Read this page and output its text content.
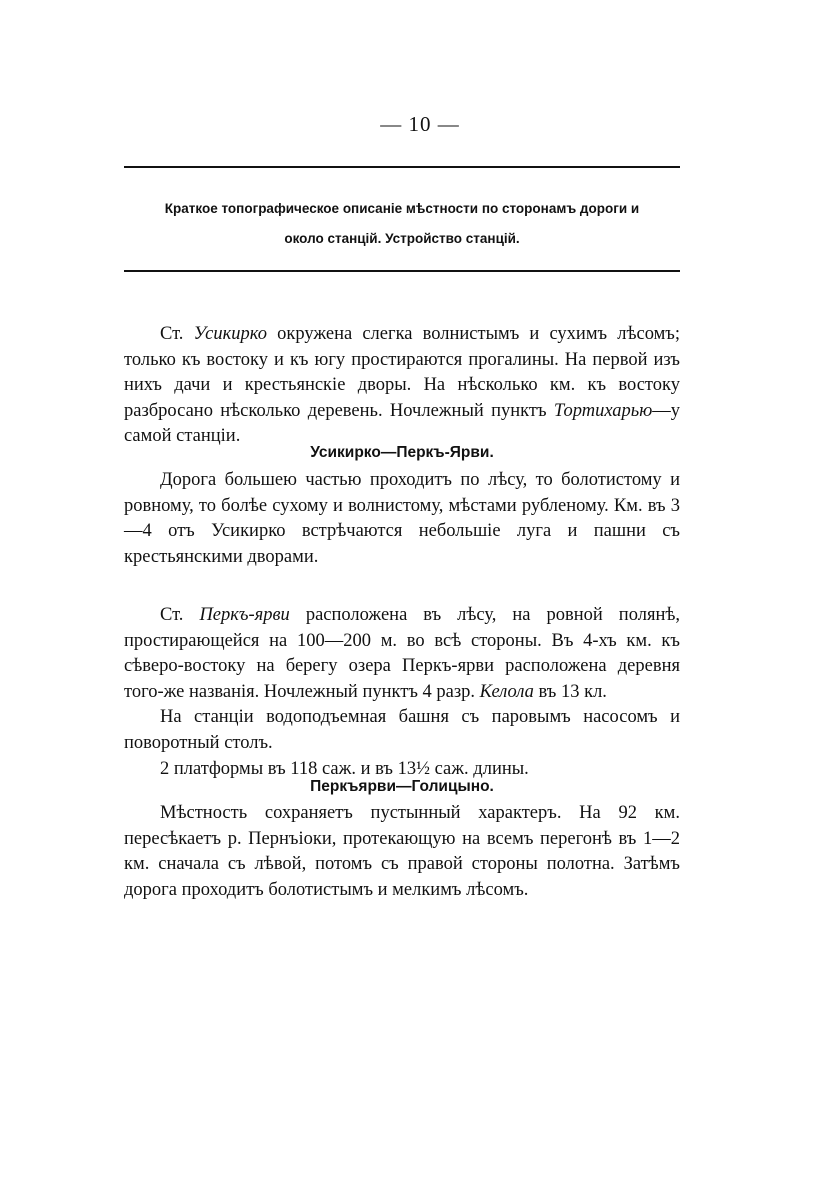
— 10 —
Краткое топографическое описаніе мѣстности по сторонамъ дороги и
около станцій. Устройство станцій.

Ст. Усикирко окружена слегка волнистымъ и сухимъ лѣсомъ; только къ востоку и къ югу простираются прогалины. На первой изъ нихъ дачи и крестьянскіе дворы. На нѣсколько км. къ востоку разбросано нѣсколько деревень. Ночлежный пунктъ Тортихарью—у самой станціи.

Усикирко—Перкъ-Ярви.

Дорога большею частью проходитъ по лѣсу, то болотистому и ровному, то болѣе сухому и волнистому, мѣстами рубленому. Км. въ 3—4 отъ Усикирко встрѣчаются небольшіе луга и пашни съ крестьянскими дворами.

Ст. Перкъ-ярви расположена въ лѣсу, на ровной полянѣ, простирающейся на 100—200 м. во всѣ стороны. Въ 4-хъ км. къ сѣверо-востоку на берегу озера Перкъ-ярви расположена деревня того-же названія. Ночлежный пунктъ 4 разр. Келола въ 13 кл.

На станціи водоподъемная башня съ паровымъ насосомъ и поворотный столъ.

2 платформы въ 118 саж. и въ 13½ саж. длины.

Перкъярви—Голицыно.

Мѣстность сохраняетъ пустынный характеръ. На 92 км. пересѣкаетъ р. Пернъіоки, протекающую на всемъ перегонѣ въ 1—2 км. сначала съ лѣвой, потомъ съ правой стороны полотна. Затѣмъ дорога проходитъ болотистымъ и мелкимъ лѣсомъ.
